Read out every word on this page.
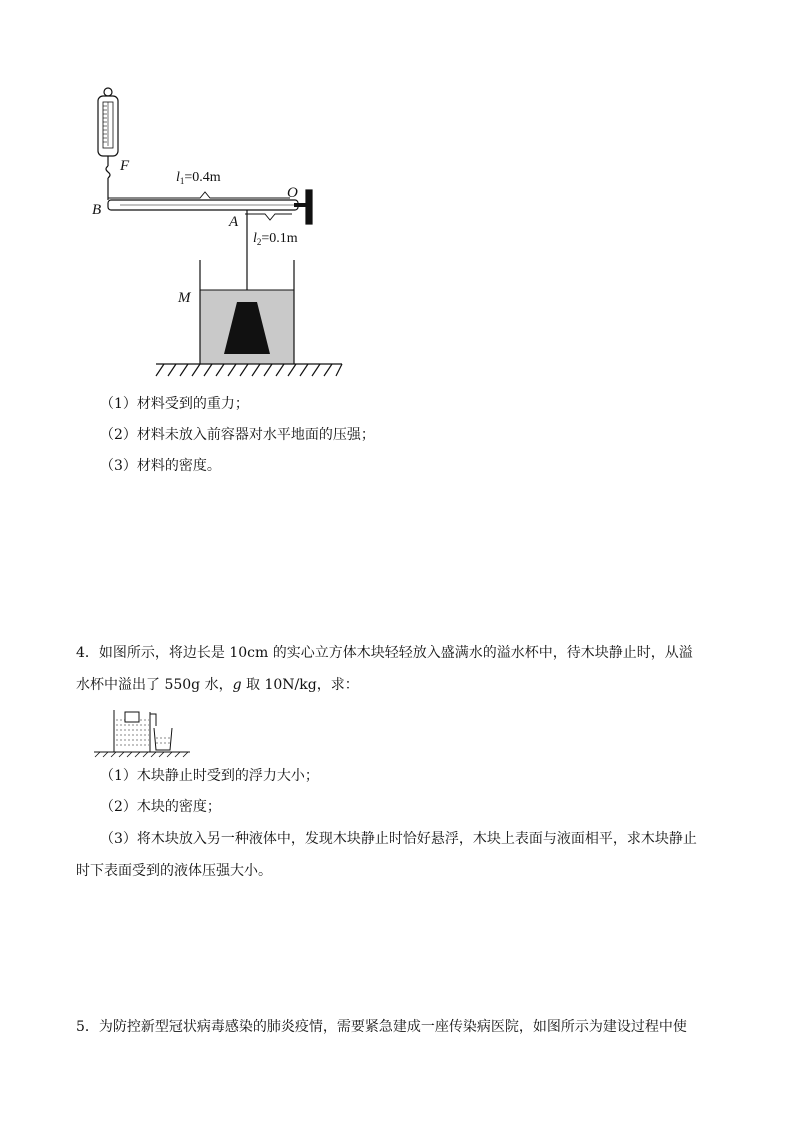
F
B
O
A
M
$l_1=0.4m$
$l_2=0.1m$
（1）材料受到的重力；
（2）材料未放入前容器对水平地面的压强；
（3）材料的密度。
4．如图所示，将边长是 10cm 的实心立方体木块轻轻放入盛满水的溢水杯中，待木块静止时，从溢
水杯中溢出了 550g 水，g 取 10N/kg，求：
（1）木块静止时受到的浮力大小；
（2）木块的密度；
（3）将木块放入另一种液体中，发现木块静止时恰好悬浮，木块上表面与液面相平，求木块静止
时下表面受到的液体压强大小。
5．为防控新型冠状病毒感染的肺炎疫情，需要紧急建成一座传染病医院，如图所示为建设过程中使
